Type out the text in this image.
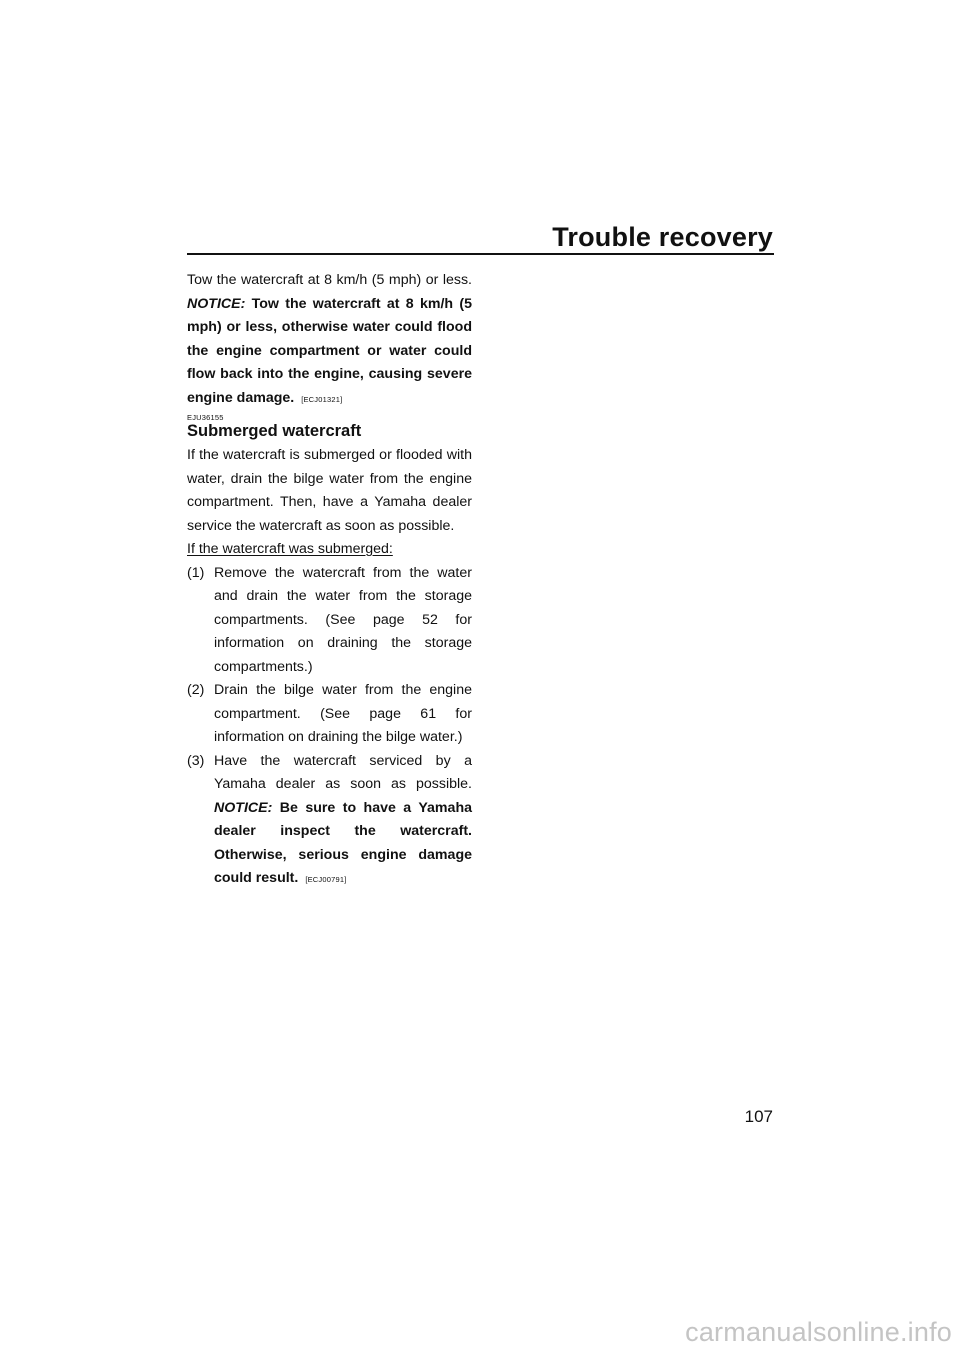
Trouble recovery

Tow the watercraft at 8 km/h (5 mph) or less. NOTICE: Tow the watercraft at 8 km/h (5 mph) or less, otherwise water could flood the engine compartment or water could flow back into the engine, causing severe engine damage. [ECJ01321]

EJU36155
Submerged watercraft

If the watercraft is submerged or flooded with water, drain the bilge water from the engine compartment. Then, have a Yamaha dealer service the watercraft as soon as possible.

If the watercraft was submerged:

(1) Remove the watercraft from the water and drain the water from the storage compartments. (See page 52 for information on draining the storage compartments.)
(2) Drain the bilge water from the engine compartment. (See page 61 for information on draining the bilge water.)
(3) Have the watercraft serviced by a Yamaha dealer as soon as possible. NOTICE: Be sure to have a Yamaha dealer inspect the watercraft. Otherwise, serious engine damage could result. [ECJ00791]
107
carmanualsonline.info
